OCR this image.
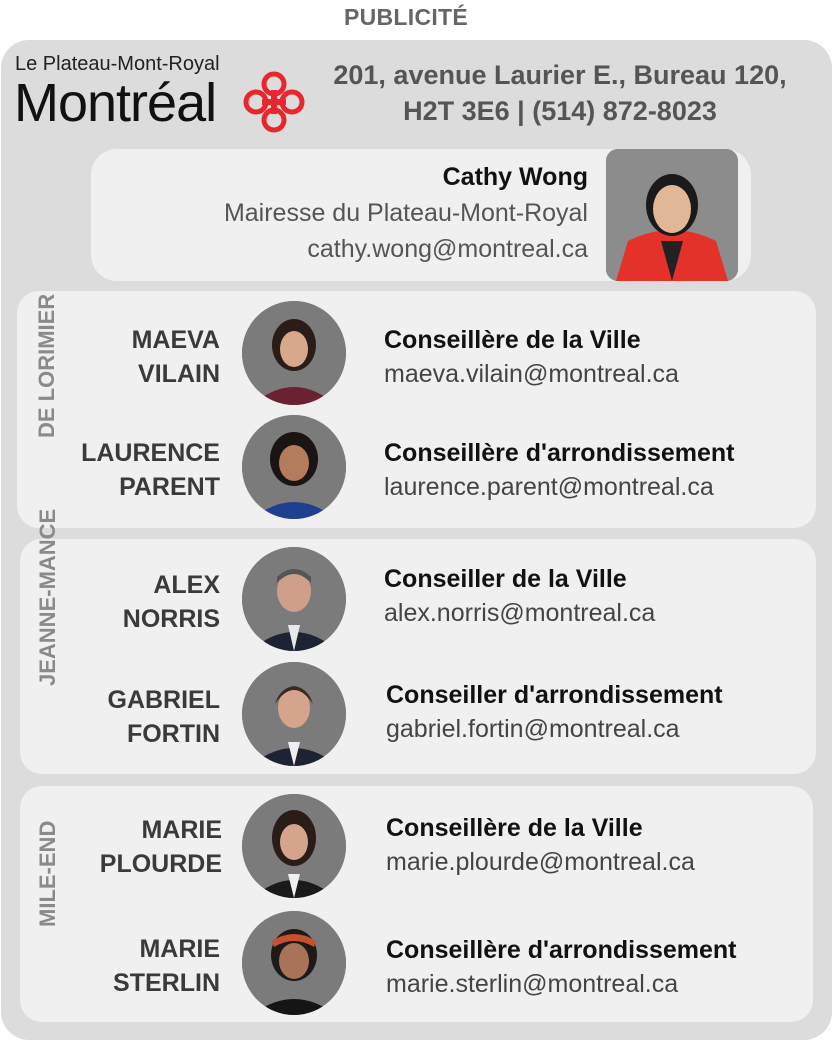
PUBLICITÉ
Le Plateau-Mont-Royal
Montréal	201, avenue Laurier E., Bureau 120,
H2T 3E6 | (514) 872-8023
Cathy Wong
Mairesse du Plateau-Mont-Royal
cathy.wong@montreal.ca
MAEVA
VILAIN
Conseillère de la Ville
maeva.vilain@montreal.ca
LAURENCE
PARENT
Conseillère d'arrondissement
laurence.parent@montreal.ca
ALEX
NORRIS
Conseiller de la Ville
alex.norris@montreal.ca
GABRIEL
FORTIN
Conseiller d'arrondissement
gabriel.fortin@montreal.ca
MARIE
PLOURDE
Conseillère de la Ville
marie.plourde@montreal.ca
MARIE
STERLIN
Conseillère d'arrondissement
marie.sterlin@montreal.ca
